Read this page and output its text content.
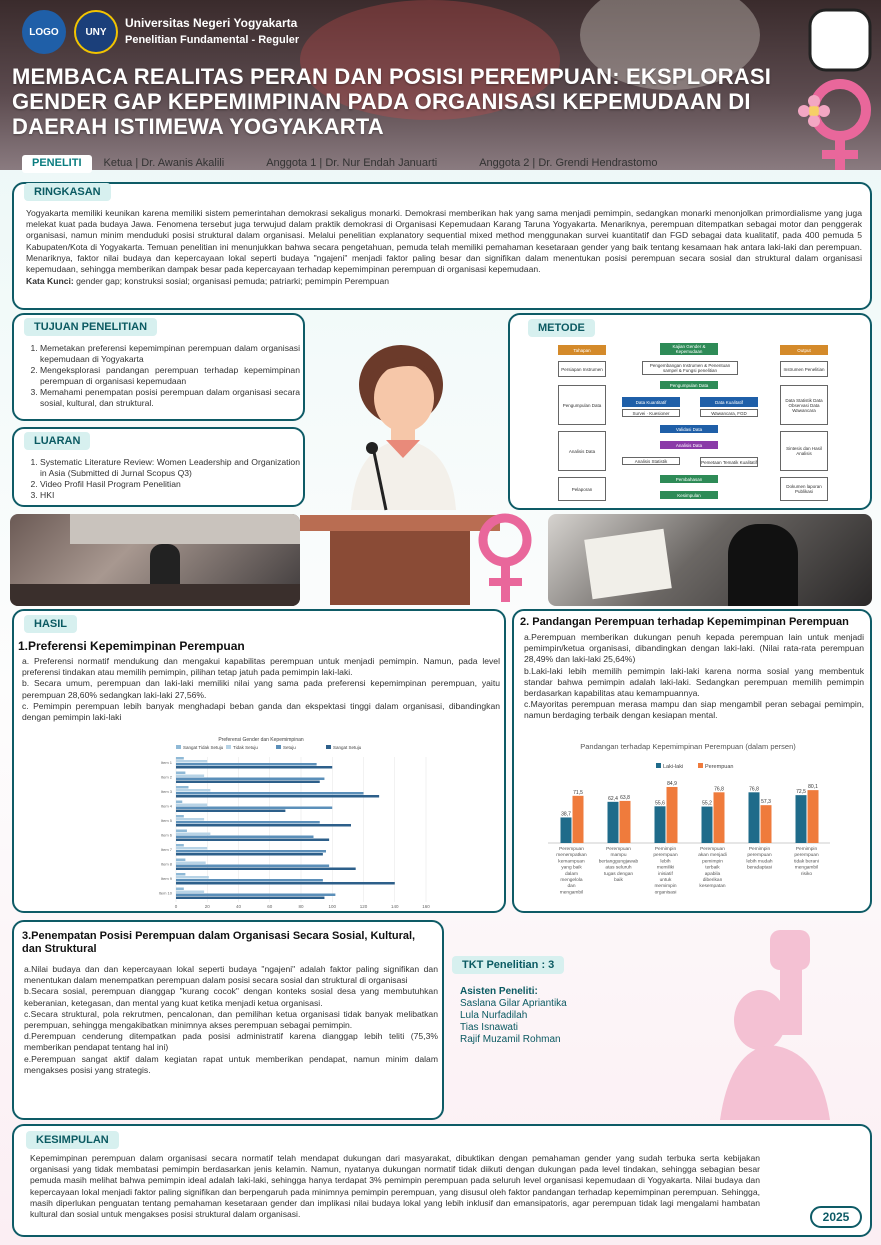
LOGO	UNY
Universitas Negeri Yogyakarta
Penelitian Fundamental - Reguler
MEMBACA REALITAS PERAN DAN POSISI PEREMPUAN: EKSPLORASI GENDER GAP KEPEMIMPINAN PADA ORGANISASI KEPEMUDAAN DI DAERAH ISTIMEWA YOGYAKARTA
PENELITI	Ketua | Dr. Awanis Akalili	Anggota 1 | Dr. Nur Endah Januarti	Anggota 2 | Dr. Grendi Hendrastomo
RINGKASAN

Yogyakarta memiliki keunikan karena memiliki sistem pemerintahan demokrasi sekaligus monarki. Demokrasi memberikan hak yang sama menjadi pemimpin, sedangkan monarki menonjolkan primordialisme yang juga melekat kuat pada budaya Jawa. Fenomena tersebut juga terwujud dalam praktik demokrasi di Organisasi Kepemudaan Karang Taruna Yogyakarta. Menariknya, perempuan ditempatkan sebagai motor dan penggerak organisasi, namun minim menduduki posisi struktural dalam organisasi. Melalui penelitian explanatory sequential mixed method menggunakan survei kuantitatif dan FGD sebagai data kualitatif, pada 400 pemuda 5 Kabupaten/Kota di Yogyakarta. Temuan penelitian ini menunjukkan bahwa secara pengetahuan, pemuda telah memiliki pemahaman kesetaraan gender yang baik tentang kesamaan hak antara laki-laki dan perempuan. Menariknya, faktor nilai budaya dan kepercayaan lokal seperti budaya "ngajeni" menjadi faktor paling besar dan signifikan dalam menentukan posisi perempuan secara sosial dan struktural dalam organisasi kepemudaan, sehingga memberikan dampak besar pada kepercayaan terhadap kepemimpinan perempuan di organisasi kepemudaan.

Kata Kunci: gender gap; konstruksi sosial; organisasi pemuda; patriarki; pemimpin Perempuan

TUJUAN PENELITIAN
1. Memetakan preferensi kepemimpinan perempuan dalam organisasi kepemudaan di Yogyakarta
2. Mengeksplorasi pandangan perempuan terhadap kepemimpinan perempuan di organisasi kepemudaan
3. Memahami penempatan posisi perempuan dalam organisasi secara sosial, kultural, dan struktural.
LUARAN
1. Systematic Literature Review: Women Leadership and Organization in Asia (Submitted di Jurnal Scopus Q3)
2. Video Profil Hasil Program Penelitian
3. HKI
METODE
Tahapan	Output
Persiapan Instrumen
Pengumpulan Data
Analisis Data
Pelaporan
Instrumen Penelitian
Data Statistik Data Observasi Data Wawancara
Sintesis dan Hasil Analisis
Dokumen laporan Publikasi
Kajian Gender & Kepemudaan
Pengembangan Instrumen & Penentuan sampel & Fungsi penelitian
Pengumpulan Data
Data Kuantitatif	Data Kualitatif
Survei · Kuesioner	Wawancara, FGD
Validasi Data
Analisis Data
Analisis Statistik	Pemetaan Tematik Kualitatif
Pembahasan
Kesimpulan
HASIL
1.Preferensi Kepemimpinan Perempuan

a. Preferensi normatif mendukung dan mengakui kapabilitas perempuan untuk menjadi pemimpin. Namun, pada level preferensi tindakan atau memilih pemimpin, pilihan tetap jatuh pada pemimpin laki-laki.

b. Secara umum, perempuan dan laki-laki memiliki nilai yang sama pada preferensi kepemimpinan perempuan, yaitu perempuan 28,60% sedangkan laki-laki 27,56%.

c. Pemimpin perempuan lebih banyak menghadapi beban ganda dan ekspektasi tinggi dalam organisasi, dibandingkan dengan pemimpin laki-laki

Preferensi Gender dan Kepemimpinan
Sangat Tidak Setuju Tidak Setuju	Setuju	Sangat Setuju
0	20	40	60	80	100	120	140	160
Item 1
Item 2
Item 3
Item 4
Item 5
Item 6
Item 7
Item 8
Item 9
Item 10
2. Pandangan Perempuan terhadap Kepemimpinan Perempuan

a.Perempuan memberikan dukungan penuh kepada perempuan lain untuk menjadi pemimpin/ketua organisasi, dibandingkan dengan laki-laki. (Nilai rata-rata perempuan 28,49% dan laki-laki 25,64%)

b.Laki-laki lebih memilih pemimpin laki-laki karena norma sosial yang membentuk standar bahwa pemimpin adalah laki-laki. Sedangkan perempuan memilih pemimpin berdasarkan kapabilitas atau kemampuannya.

c.Mayoritas perempuan merasa mampu dan siap mengambil peran sebagai pemimpin, namun berdaging terbaik dengan kesiapan mental.

Pandangan terhadap Kepemimpinan Perempuan (dalam persen)
Laki-laki	Perempuan
38,7
71,5
Perempuan
menempatkan
kemampuan
yang baik
dalam
mengelola
dan
mengambil
62,4 63,8
Perempuan
mampu
bertanggungjawab
atas seluruh
tugas dengan
baik
55,6
84,9
Pemimpin
perempuan
lebih
memiliki
inisiatif
untuk
memimpin
organisasi
55,2
76,8
Perempuan
akan menjadi
pemimpin
terbaik
apabila
diberikan
kesempatan
76,8
57,3
Pemimpin
perempuan
lebih mudah
beradaptasi
72,5
80,1
Pemimpin
perempuan
tidak berani
mengambil
risiko
3.Penempatan Posisi Perempuan dalam Organisasi Secara Sosial, Kultural, dan Struktural

a.Nilai budaya dan dan kepercayaan lokal seperti budaya "ngajeni" adalah faktor paling signifikan dan menentukan dalam menempatkan perempuan dalam posisi secara sosial dan struktural di organisasi

b.Secara sosial, perempuan dianggap "kurang cocok" dengan konteks sosial desa yang membutuhkan keberanian, ketegasan, dan mental yang kuat ketika menjadi ketua organisasi.

c.Secara struktural, pola rekrutmen, pencalonan, dan pemilihan ketua organisasi tidak banyak melibatkan perempuan, sehingga mengakibatkan minimnya akses perempuan sebagai pemimpin.

d.Perempuan cenderung ditempatkan pada posisi administratif karena dianggap lebih teliti (75,3% memberikan pendapat tentang hal ini)

e.Perempuan sangat aktif dalam kegiatan rapat untuk memberikan pendapat, namun minim dalam mengakses posisi yang strategis.

TKT Penelitian : 3
Asisten Peneliti:
Saslana Gilar Apriantika
Lula Nurfadilah
Tias Isnawati
Rajif Muzamil Rohman
KESIMPULAN

Kepemimpinan perempuan dalam organisasi secara normatif telah mendapat dukungan dari masyarakat, dibuktikan dengan pemahaman gender yang sudah terbuka serta kebijakan organisasi yang tidak membatasi pemimpin berdasarkan jenis kelamin. Namun, nyatanya dukungan normatif tidak diikuti dengan dukungan pada level tindakan, sehingga sebagian besar pemuda masih melihat bahwa pemimpin ideal adalah laki-laki, sehingga hanya terdapat 3% pemimpin perempuan pada seluruh level organisasi kepemudaan di Yogyakarta. Nilai budaya dan kepercayaan lokal menjadi faktor paling signifikan dan berpengaruh pada minimnya pemimpin perempuan, yang disusul oleh faktor pandangan terhadap kepemimpinan perempuan. Sehingga, masih diperlukan penguatan tentang pemahaman kesetaraan gender dan implikasi nilai budaya lokal yang lebih inklusif dan emansipatoris, agar perempuan tidak lagi mengalami hambatan kultural dan sosial untuk mengakses posisi struktural dalam organisasi.	2025
